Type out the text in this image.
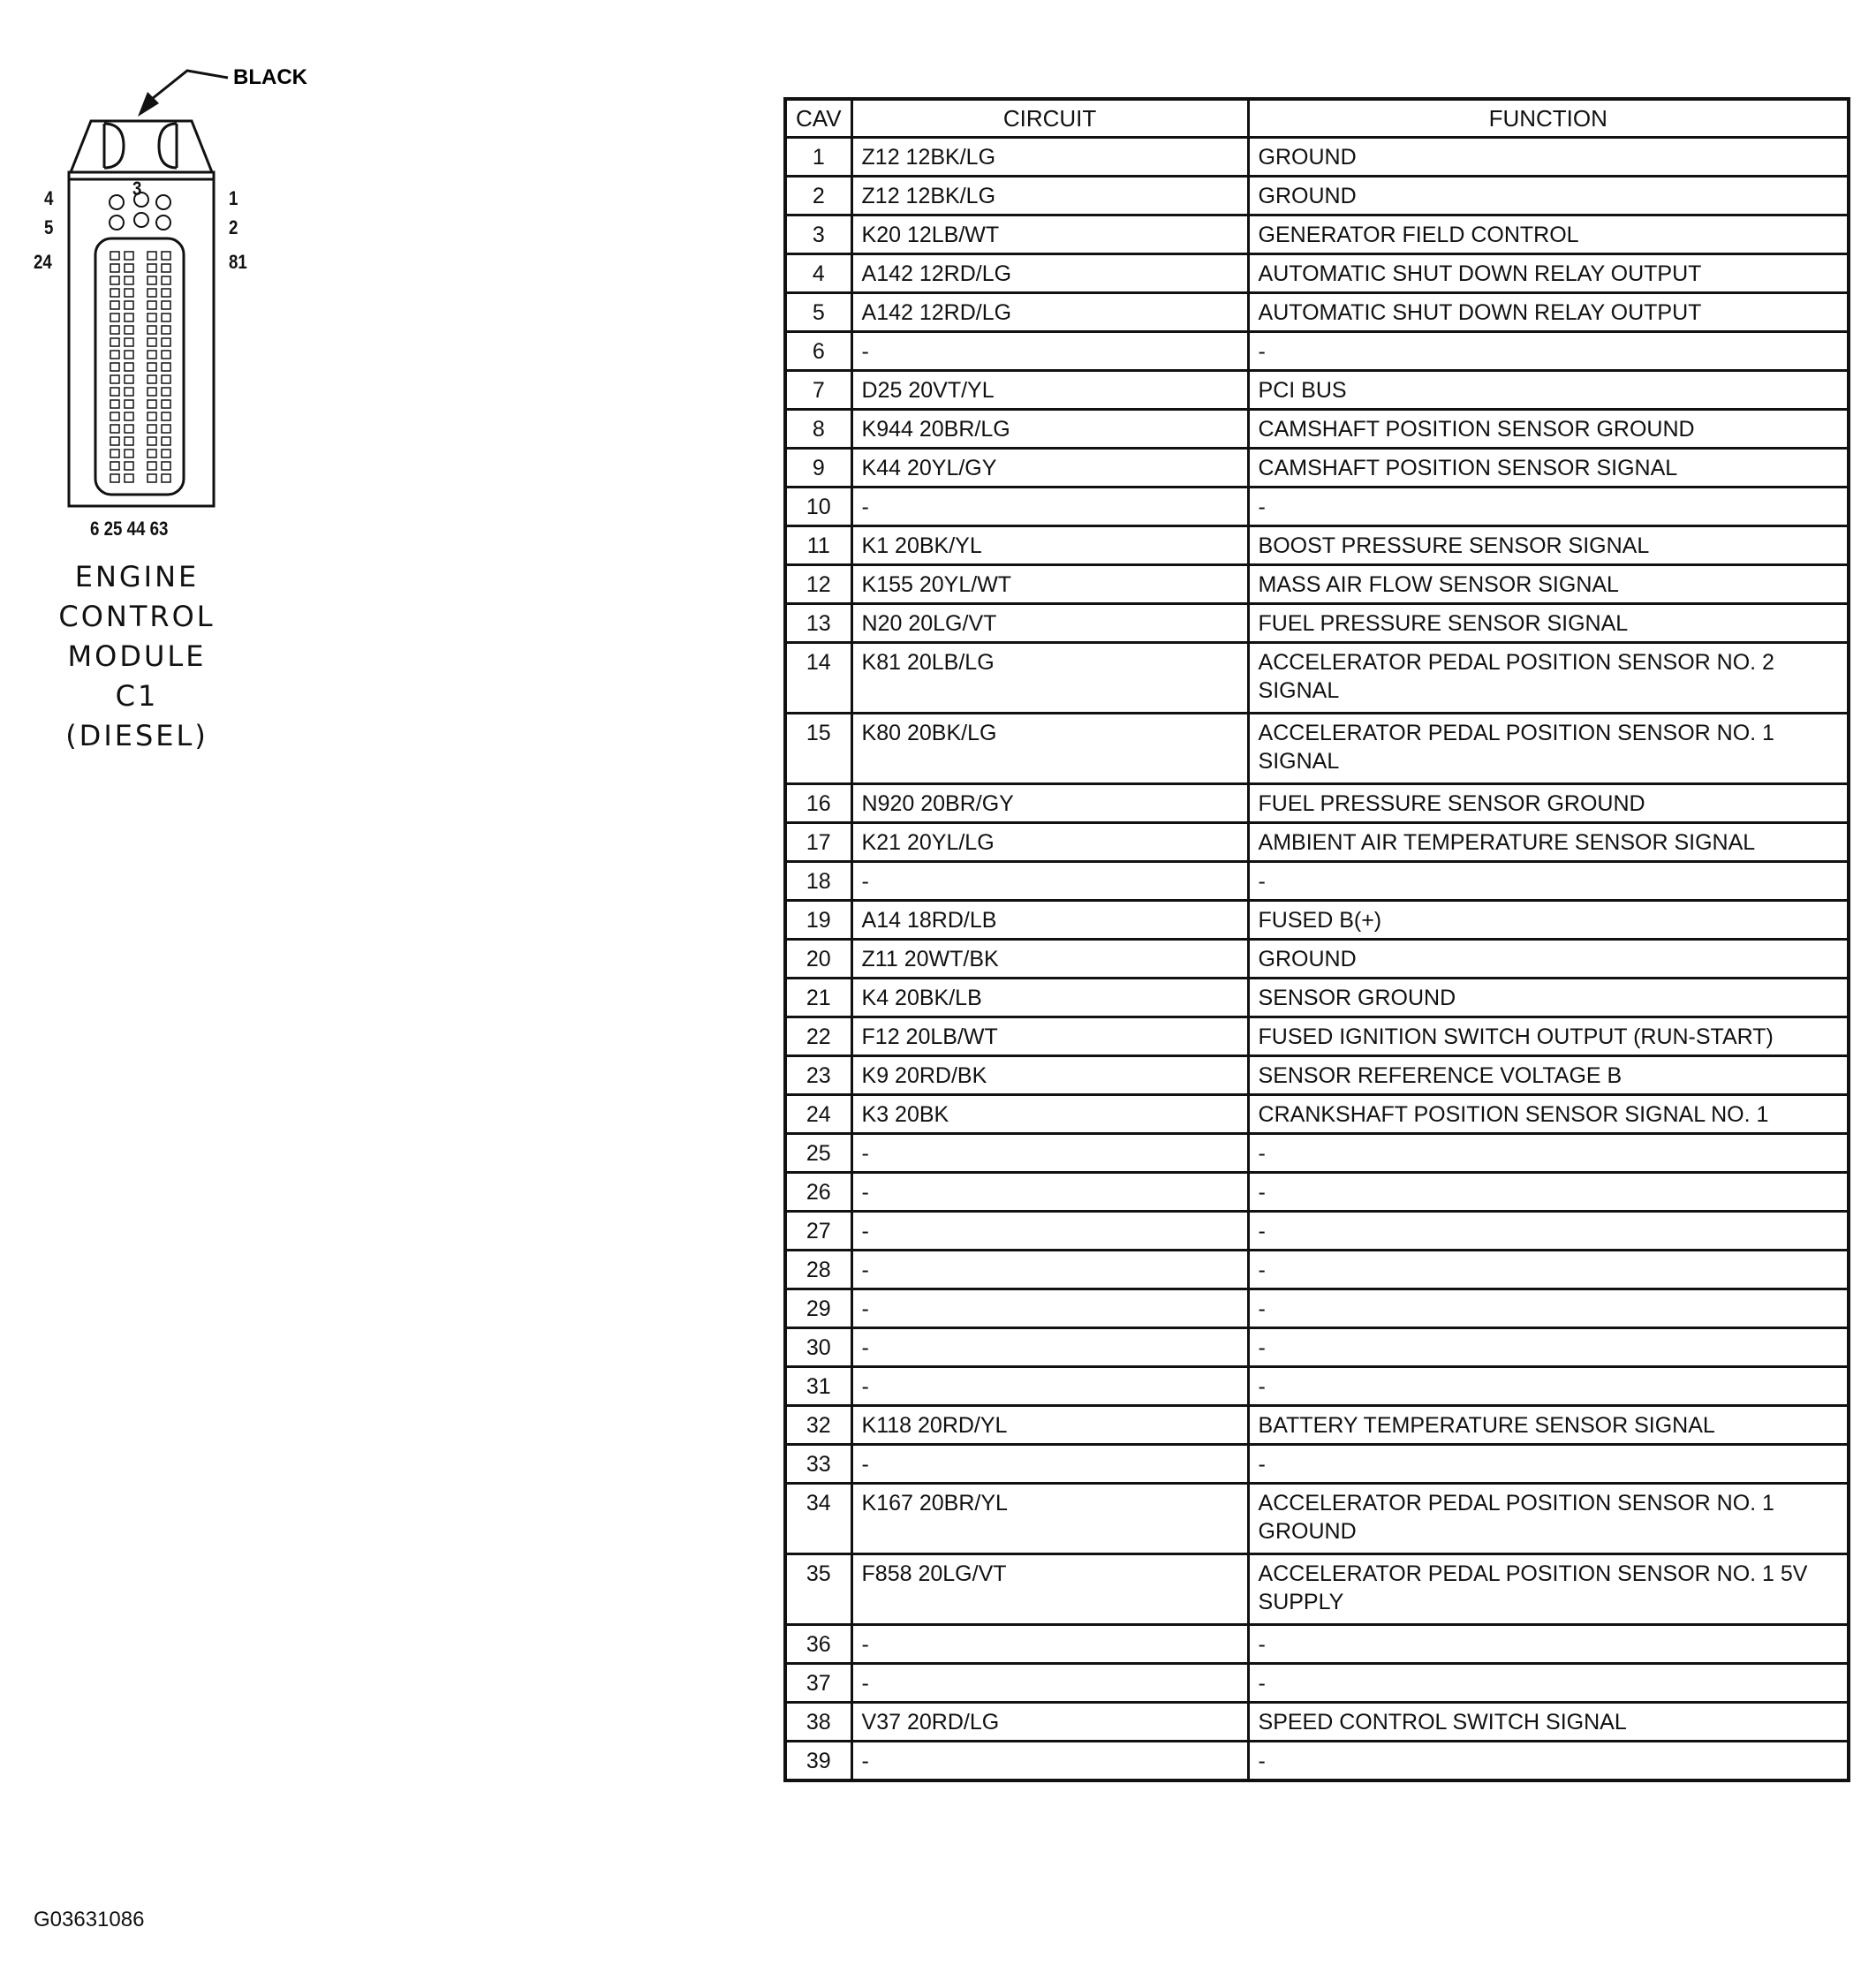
BLACK
3
4
5
24
1
2
81
6 25 44 63
ENGINE
CONTROL
MODULE
C1
(DIESEL)
CAV	CIRCUIT	FUNCTION
1	Z12 12BK/LG	GROUND
2	Z12 12BK/LG	GROUND
3	K20 12LB/WT	GENERATOR FIELD CONTROL
4	A142 12RD/LG	AUTOMATIC SHUT DOWN RELAY OUTPUT
5	A142 12RD/LG	AUTOMATIC SHUT DOWN RELAY OUTPUT
6	-	-
7	D25 20VT/YL	PCI BUS
8	K944 20BR/LG	CAMSHAFT POSITION SENSOR GROUND
9	K44 20YL/GY	CAMSHAFT POSITION SENSOR SIGNAL
10	-	-
11	K1 20BK/YL	BOOST PRESSURE SENSOR SIGNAL
12	K155 20YL/WT	MASS AIR FLOW SENSOR SIGNAL
13	N20 20LG/VT	FUEL PRESSURE SENSOR SIGNAL
14	K81 20LB/LG	ACCELERATOR PEDAL POSITION SENSOR NO. 2 SIGNAL
15	K80 20BK/LG	ACCELERATOR PEDAL POSITION SENSOR NO. 1 SIGNAL
16	N920 20BR/GY	FUEL PRESSURE SENSOR GROUND
17	K21 20YL/LG	AMBIENT AIR TEMPERATURE SENSOR SIGNAL
18	-	-
19	A14 18RD/LB	FUSED B(+)
20	Z11 20WT/BK	GROUND
21	K4 20BK/LB	SENSOR GROUND
22	F12 20LB/WT	FUSED IGNITION SWITCH OUTPUT (RUN-START)
23	K9 20RD/BK	SENSOR REFERENCE VOLTAGE B
24	K3 20BK	CRANKSHAFT POSITION SENSOR SIGNAL NO. 1
25	-	-
26	-	-
27	-	-
28	-	-
29	-	-
30	-	-
31	-	-
32	K118 20RD/YL	BATTERY TEMPERATURE SENSOR SIGNAL
33	-	-
34	K167 20BR/YL	ACCELERATOR PEDAL POSITION SENSOR NO. 1 GROUND
35	F858 20LG/VT	ACCELERATOR PEDAL POSITION SENSOR NO. 1 5V SUPPLY
36	-	-
37	-	-
38	V37 20RD/LG	SPEED CONTROL SWITCH SIGNAL
39	-	-
G03631086
